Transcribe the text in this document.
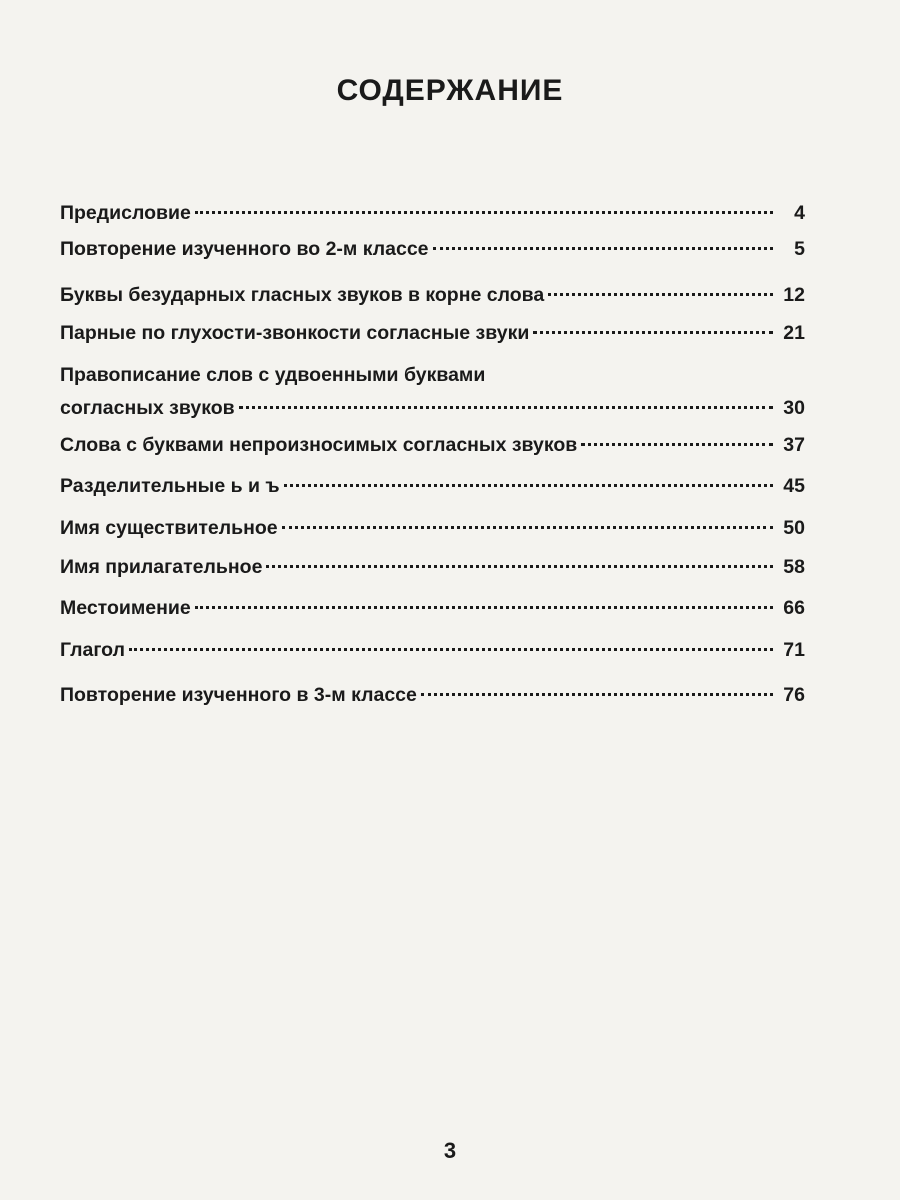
СОДЕРЖАНИЕ
Предисловие	4
Повторение изученного во 2-м классе	5
Буквы безударных гласных звуков в корне слова	12
Парные по глухости-звонкости согласные звуки	21
Правописание слов с удвоенными буквами
согласных звуков	30
Слова с буквами непроизносимых согласных звуков	37
Разделительные ь и ъ	45
Имя существительное	50
Имя прилагательное	58
Местоимение	66
Глагол	71
Повторение изученного в 3-м классе	76
3
